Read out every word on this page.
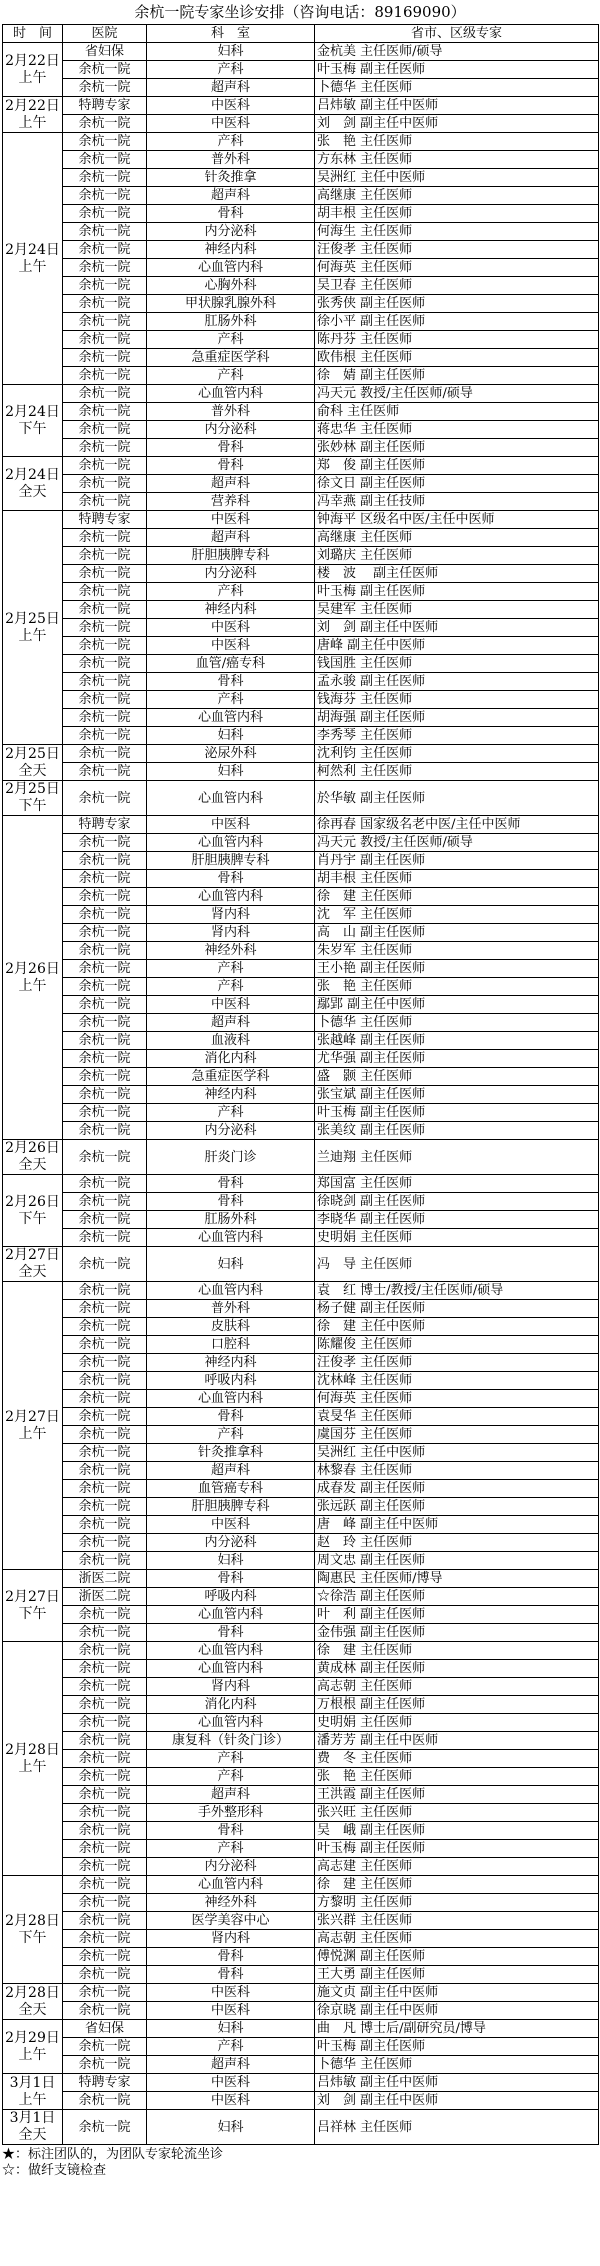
余杭一院专家坐诊安排（咨询电话：89169090）
时　间	医院	科　室	省市、区级专家
2月22日上午	省妇保	妇科	金杭美 主任医师/硕导
	余杭一院	产科	叶玉梅 副主任医师
	余杭一院	超声科	卜德华 主任医师
2月22日上午	特聘专家	中医科	吕炜敏 副主任中医师
	余杭一院	中医科	刘　剑 副主任中医师
2月24日上午	余杭一院	产科	张　艳 主任医师
	余杭一院	普外科	方东林 主任医师
	余杭一院	针灸推拿	吴洲红 主任中医师
	余杭一院	超声科	高继康 主任医师
	余杭一院	骨科	胡丰根 主任医师
	余杭一院	内分泌科	何海生 主任医师
	余杭一院	神经内科	汪俊孝 主任医师
	余杭一院	心血管内科	何海英 主任医师
	余杭一院	心胸外科	吴卫春 主任医师
	余杭一院	甲状腺乳腺外科	张秀侠 副主任医师
	余杭一院	肛肠外科	徐小平 副主任医师
	余杭一院	产科	陈丹芬 主任医师
	余杭一院	急重症医学科	欧伟根 主任医师
	余杭一院	产科	徐　婧 副主任医师
2月24日下午	余杭一院	心血管内科	冯天元 教授/主任医师/硕导
	余杭一院	普外科	俞科 主任医师
	余杭一院	内分泌科	蒋忠华 主任医师
	余杭一院	骨科	张妙林 副主任医师
2月24日全天	余杭一院	骨科	郑　俊 副主任医师
	余杭一院	超声科	徐文日 副主任医师
	余杭一院	营养科	冯幸燕 副主任技师
2月25日上午	特聘专家	中医科	钟海平 区级名中医/主任中医师
	余杭一院	超声科	高继康 主任医师
	余杭一院	肝胆胰脾专科	刘璐庆 主任医师
	余杭一院	内分泌科	楼　波　 副主任医师
	余杭一院	产科	叶玉梅 副主任医师
	余杭一院	神经内科	吴建军 主任医师
	余杭一院	中医科	刘　剑 副主任中医师
	余杭一院	中医科	唐峰 副主任中医师
	余杭一院	血管/癌专科	钱国胜 主任医师
	余杭一院	骨科	孟永骏 副主任医师
	余杭一院	产科	钱海芬 主任医师
	余杭一院	心血管内科	胡海强 副主任医师
	余杭一院	妇科	李秀琴 主任医师
2月25日全天	余杭一院	泌尿外科	沈利钧 主任医师
	余杭一院	妇科	柯然利 主任医师
2月25日下午	余杭一院	心血管内科	於华敏 副主任医师
2月26日上午	特聘专家	中医科	徐再春 国家级名老中医/主任中医师
	余杭一院	心血管内科	冯天元 教授/主任医师/硕导
	余杭一院	肝胆胰脾专科	肖丹宇 副主任医师
	余杭一院	骨科	胡丰根 主任医师
	余杭一院	心血管内科	徐　建 主任医师
	余杭一院	肾内科	沈　军 主任医师
	余杭一院	肾内科	高　山 副主任医师
	余杭一院	神经外科	朱岁军 主任医师
	余杭一院	产科	王小艳 副主任医师
	余杭一院	产科	张　艳 主任医师
	余杭一院	中医科	鄢郢 副主任中医师
	余杭一院	超声科	卜德华 主任医师
	余杭一院	血液科	张越峰 副主任医师
	余杭一院	消化内科	尤华强 副主任医师
	余杭一院	急重症医学科	盛　颢 主任医师
	余杭一院	神经内科	张宝斌 副主任医师
	余杭一院	产科	叶玉梅 副主任医师
	余杭一院	内分泌科	张美纹 副主任医师
2月26日全天	余杭一院	肝炎门诊	兰迪翔 主任医师
2月26日下午	余杭一院	骨科	郑国富 主任医师
	余杭一院	骨科	徐晓剑 副主任医师
	余杭一院	肛肠外科	李晓华 副主任医师
	余杭一院	心血管内科	史明娟 主任医师
2月27日全天	余杭一院	妇科	冯　导 主任医师
2月27日上午	余杭一院	心血管内科	袁　红 博士/教授/主任医师/硕导
	余杭一院	普外科	杨子健 副主任医师
	余杭一院	皮肤科	徐　建 主任中医师
	余杭一院	口腔科	陈耀俊 主任医师
	余杭一院	神经内科	汪俊孝 主任医师
	余杭一院	呼吸内科	沈林峰 主任医师
	余杭一院	心血管内科	何海英 主任医师
	余杭一院	骨科	袁旻华 主任医师
	余杭一院	产科	虞国芬 主任医师
	余杭一院	针灸推拿科	吴洲红 主任中医师
	余杭一院	超声科	林黎春 主任医师
	余杭一院	血管癌专科	成春发 副主任医师
	余杭一院	肝胆胰脾专科	张远跃 副主任医师
	余杭一院	中医科	唐　峰 副主任中医师
	余杭一院	内分泌科	赵　玲 主任医师
	余杭一院	妇科	周文忠 副主任医师
2月27日下午	浙医二院	骨科	陶惠民 主任医师/博导
	浙医二院	呼吸内科	☆徐浩 副主任医师
	余杭一院	心血管内科	叶　利 副主任医师
	余杭一院	骨科	金伟强 副主任医师
2月28日上午	余杭一院	心血管内科	徐　建 主任医师
	余杭一院	心血管内科	黄成林 副主任医师
	余杭一院	肾内科	高志朝 主任医师
	余杭一院	消化内科	万根根 副主任医师
	余杭一院	心血管内科	史明娟 主任医师
	余杭一院	康复科（针灸门诊）	潘芳芳 副主任中医师
	余杭一院	产科	费　冬 主任医师
	余杭一院	产科	张　艳 主任医师
	余杭一院	超声科	王洪霞 副主任医师
	余杭一院	手外整形科	张兴旺 主任医师
	余杭一院	骨科	吴　峨 副主任医师
	余杭一院	产科	叶玉梅 副主任医师
	余杭一院	内分泌科	高志建 主任医师
2月28日下午	余杭一院	心血管内科	徐　建 主任医师
	余杭一院	神经外科	方黎明 主任医师
	余杭一院	医学美容中心	张兴群 主任医师
	余杭一院	肾内科	高志朝 主任医师
	余杭一院	骨科	傅悦渊 副主任医师
	余杭一院	骨科	王大勇 副主任医师
2月28日全天	余杭一院	中医科	施文贞 副主任中医师
	余杭一院	中医科	徐京晓 副主任中医师
2月29日上午	省妇保	妇科	曲　凡 博士后/副研究员/博导
	余杭一院	产科	叶玉梅 副主任医师
	余杭一院	超声科	卜德华 主任医师
3月1日上午	特聘专家	中医科	吕炜敏 副主任中医师
	余杭一院	中医科	刘　剑 副主任中医师
3月1日全天	余杭一院	妇科	吕祥林 主任医师
★：标注团队的，为团队专家轮流坐诊
☆：做纤支镜检查
